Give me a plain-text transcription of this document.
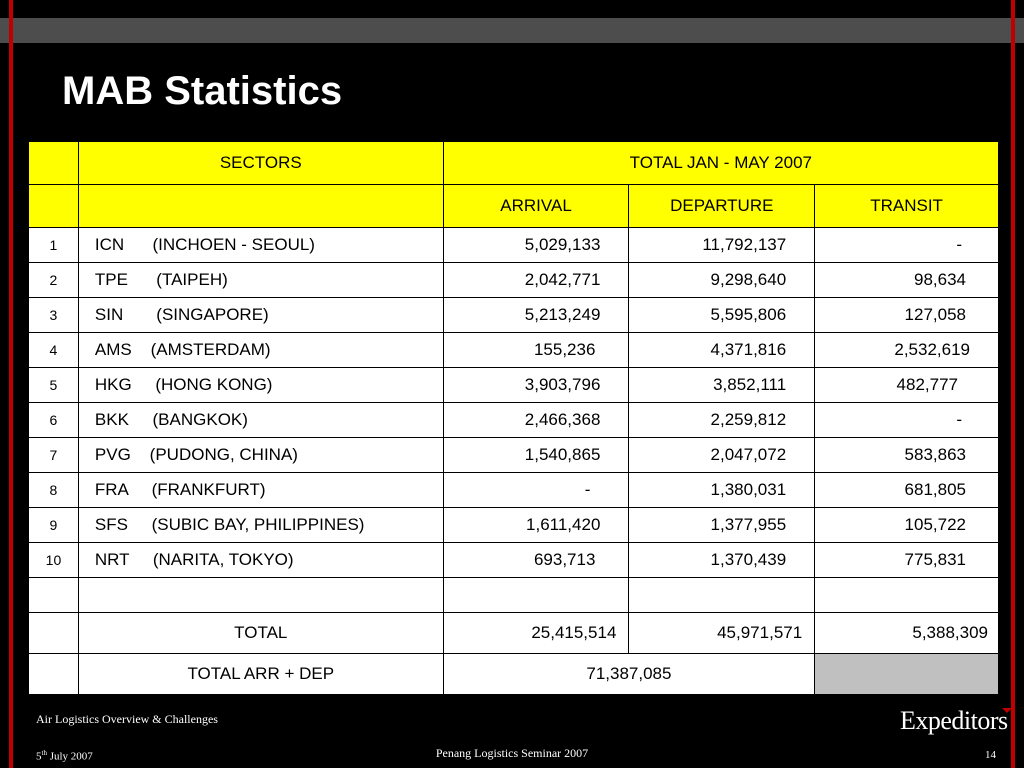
MAB Statistics
	SECTORS	TOTAL JAN - MAY 2007		
		ARRIVAL	DEPARTURE	TRANSIT
1	ICN      (INCHOEN - SEOUL)	5,029,133	11,792,137	-
2	TPE      (TAIPEH)	2,042,771	9,298,640	98,634
3	SIN       (SINGAPORE)	5,213,249	5,595,806	127,058
4	AMS    (AMSTERDAM)	155,236	4,371,816	2,532,619
5	HKG     (HONG KONG)	3,903,796	3,852,111	482,777
6	BKK     (BANGKOK)	2,466,368	2,259,812	-
7	PVG    (PUDONG, CHINA)	1,540,865	2,047,072	583,863
8	FRA     (FRANKFURT)	-	1,380,031	681,805
9	SFS     (SUBIC BAY, PHILIPPINES)	1,611,420	1,377,955	105,722
10	NRT     (NARITA, TOKYO)	693,713	1,370,439	775,831

	TOTAL	25,415,514	45,971,571	5,388,309
	TOTAL ARR + DEP	71,387,085		
Air Logistics Overview & Challenges
5th July 2007	Penang Logistics Seminar 2007	14
Expeditors
